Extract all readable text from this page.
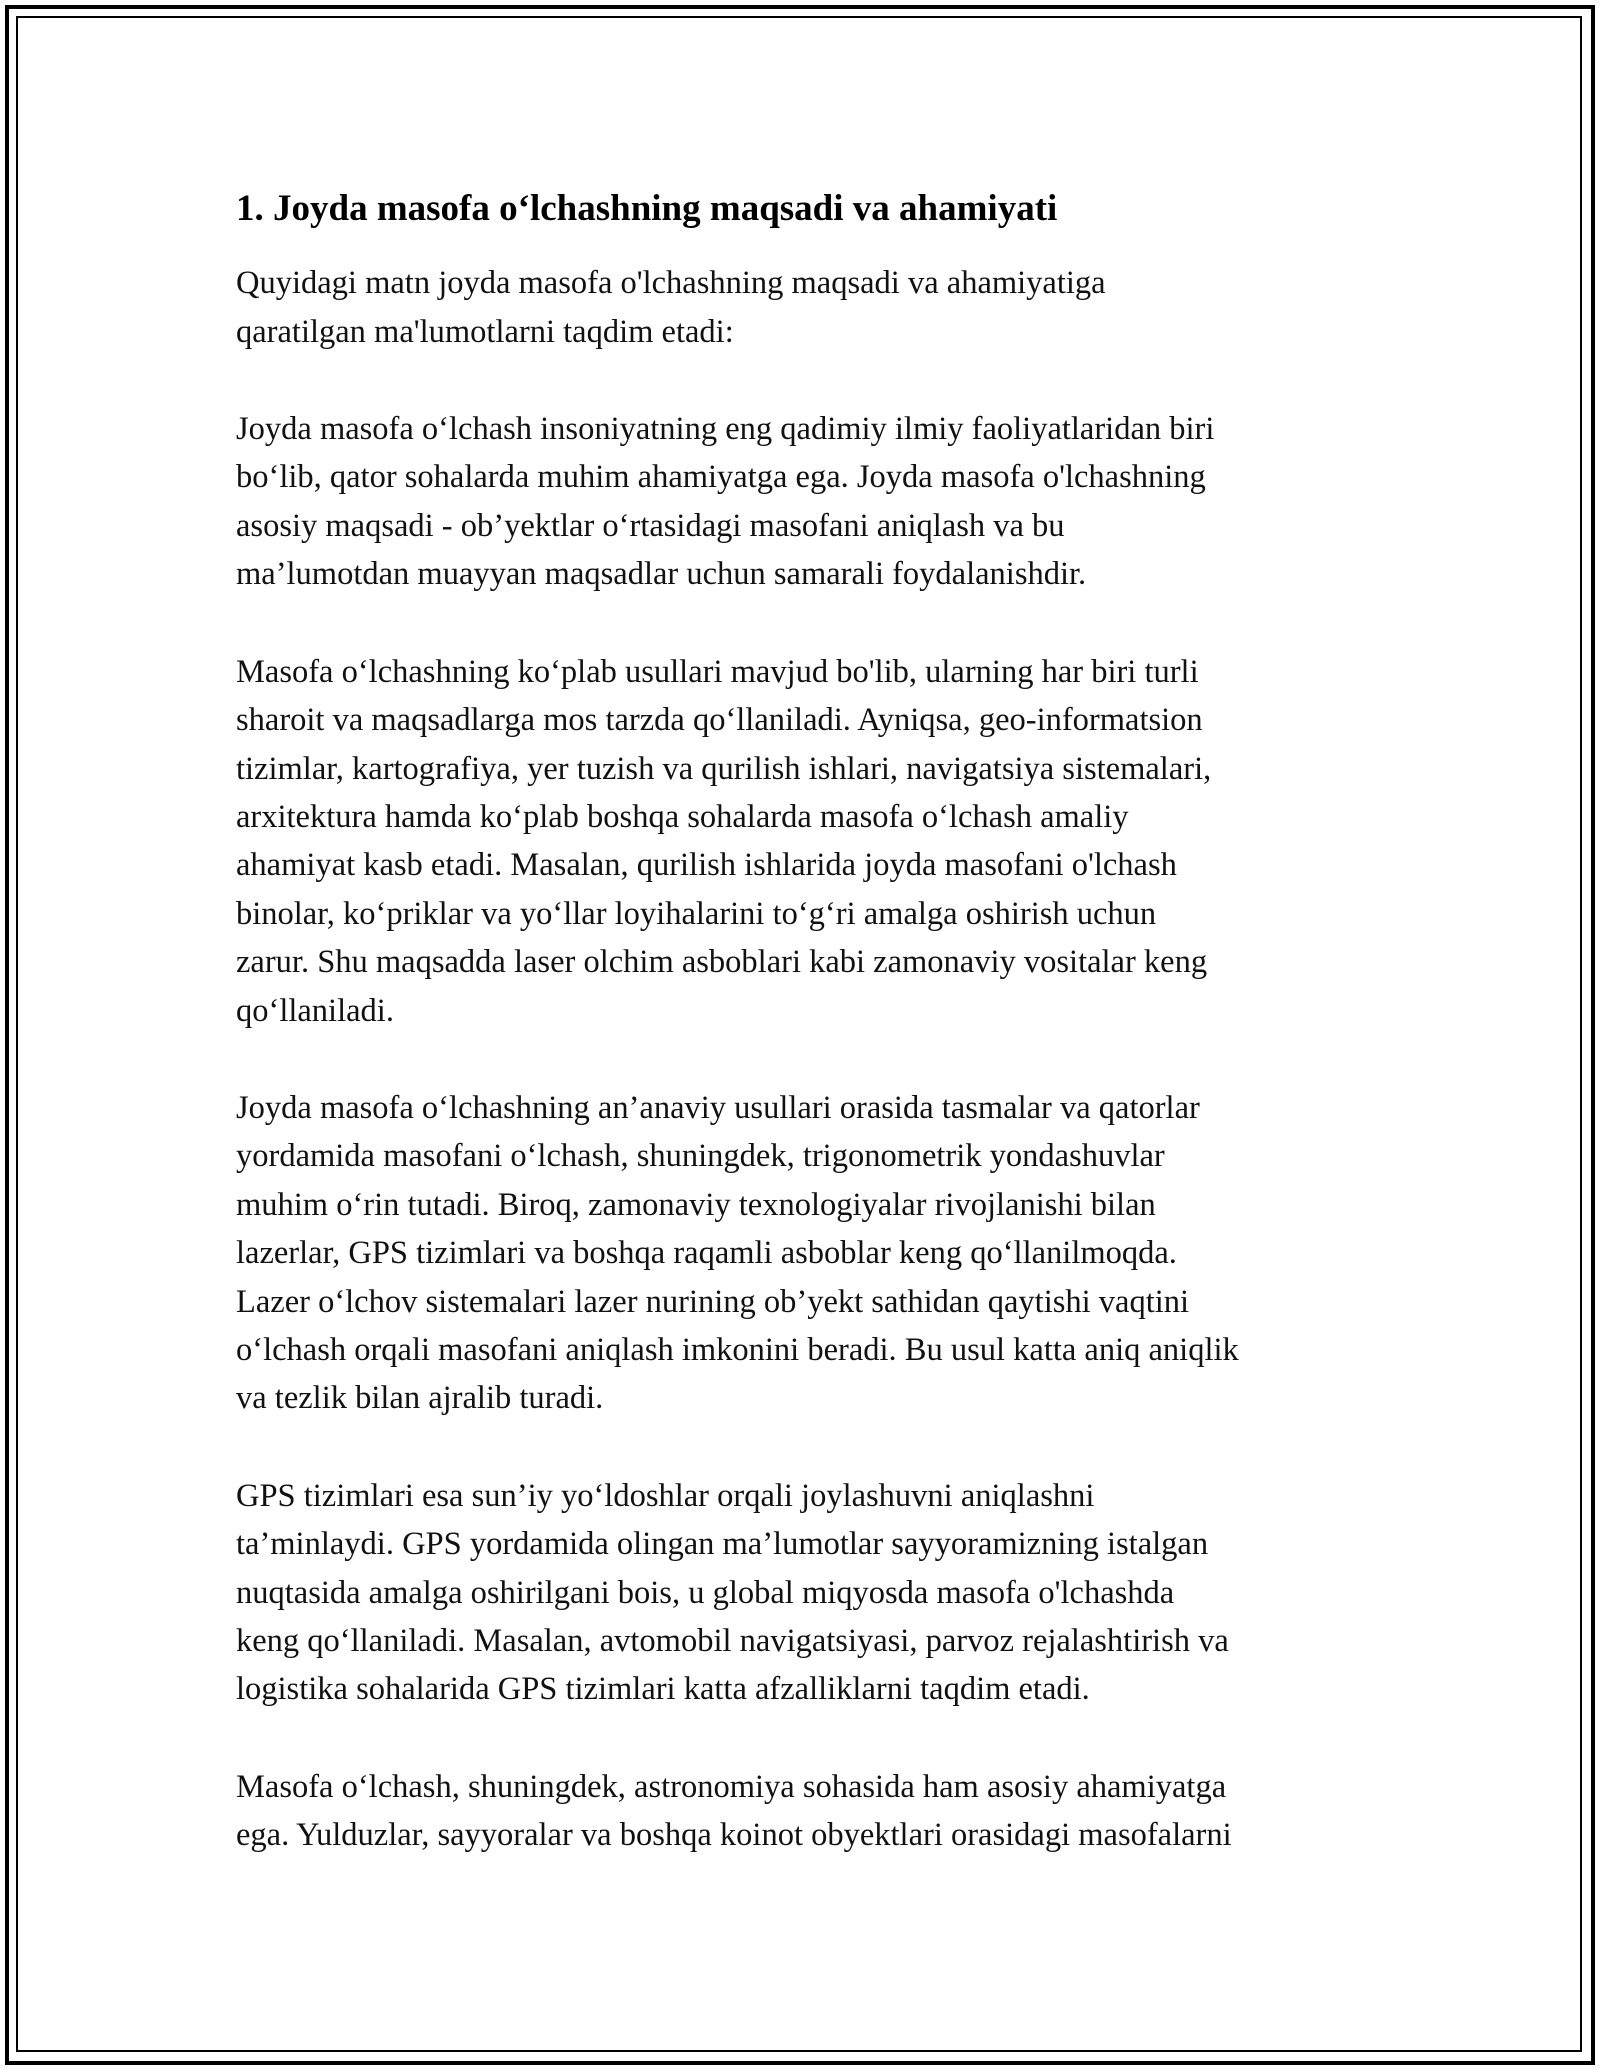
1. Joyda masofa o‘lchashning maqsadi va ahamiyati

Quyidagi matn joyda masofa o'lchashning maqsadi va ahamiyatiga
qaratilgan ma'lumotlarni taqdim etadi:

Joyda masofa o‘lchash insoniyatning eng qadimiy ilmiy faoliyatlaridan biri
bo‘lib, qator sohalarda muhim ahamiyatga ega. Joyda masofa o'lchashning
asosiy maqsadi - ob’yektlar o‘rtasidagi masofani aniqlash va bu
ma’lumotdan muayyan maqsadlar uchun samarali foydalanishdir.

Masofa o‘lchashning ko‘plab usullari mavjud bo'lib, ularning har biri turli
sharoit va maqsadlarga mos tarzda qo‘llaniladi. Ayniqsa, geo-informatsion
tizimlar, kartografiya, yer tuzish va qurilish ishlari, navigatsiya sistemalari,
arxitektura hamda ko‘plab boshqa sohalarda masofa o‘lchash amaliy
ahamiyat kasb etadi. Masalan, qurilish ishlarida joyda masofani o'lchash
binolar, ko‘priklar va yo‘llar loyihalarini to‘g‘ri amalga oshirish uchun
zarur. Shu maqsadda laser olchim asboblari kabi zamonaviy vositalar keng
qo‘llaniladi.

Joyda masofa o‘lchashning an’anaviy usullari orasida tasmalar va qatorlar
yordamida masofani o‘lchash, shuningdek, trigonometrik yondashuvlar
muhim o‘rin tutadi. Biroq, zamonaviy texnologiyalar rivojlanishi bilan
lazerlar, GPS tizimlari va boshqa raqamli asboblar keng qo‘llanilmoqda.
Lazer o‘lchov sistemalari lazer nurining ob’yekt sathidan qaytishi vaqtini
o‘lchash orqali masofani aniqlash imkonini beradi. Bu usul katta aniq aniqlik
va tezlik bilan ajralib turadi.

GPS tizimlari esa sun’iy yo‘ldoshlar orqali joylashuvni aniqlashni
ta’minlaydi. GPS yordamida olingan ma’lumotlar sayyoramizning istalgan
nuqtasida amalga oshirilgani bois, u global miqyosda masofa o'lchashda
keng qo‘llaniladi. Masalan, avtomobil navigatsiyasi, parvoz rejalashtirish va
logistika sohalarida GPS tizimlari katta afzalliklarni taqdim etadi.

Masofa o‘lchash, shuningdek, astronomiya sohasida ham asosiy ahamiyatga
ega. Yulduzlar, sayyoralar va boshqa koinot obyektlari orasidagi masofalarni
